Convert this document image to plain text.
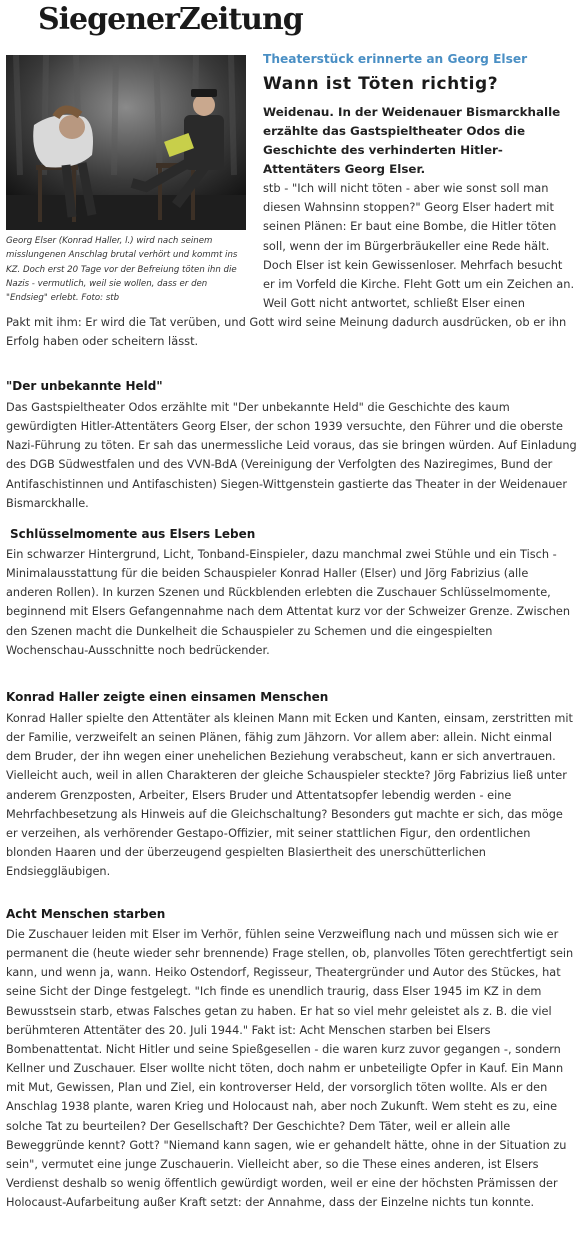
SiegenerZeitung
Georg Elser (Konrad Haller, l.) wird nach seinem misslungenen Anschlag brutal verhört und kommt ins KZ. Doch erst 20 Tage vor der Befreiung töten ihn die Nazis - vermutlich, weil sie wollen, dass er den "Endsieg" erlebt. Foto: stb
Theaterstück erinnerte an Georg Elser
Wann ist Töten richtig?
Weidenau. In der Weidenauer Bismarckhalle erzählte das Gastspieltheater Odos die Geschichte des verhinderten Hitler-Attentäters Georg Elser.
stb - "Ich will nicht töten - aber wie sonst soll man diesen Wahnsinn stoppen?" Georg Elser hadert mit seinen Plänen: Er baut eine Bombe, die Hitler töten soll, wenn der im Bürgerbräukeller eine Rede hält. Doch Elser ist kein Gewissenloser. Mehrfach besucht er im Vorfeld die Kirche. Fleht Gott um ein Zeichen an. Weil Gott nicht antwortet, schließt Elser einen
Pakt mit ihm: Er wird die Tat verüben, und Gott wird seine Meinung dadurch ausdrücken, ob er ihn Erfolg haben oder scheitern lässt.
"Der unbekannte Held"
Das Gastspieltheater Odos erzählte mit "Der unbekannte Held" die Geschichte des kaum gewürdigten Hitler-Attentäters Georg Elser, der schon 1939 versuchte, den Führer und die oberste Nazi-Führung zu töten. Er sah das unermessliche Leid voraus, das sie bringen würden. Auf Einladung des DGB Südwestfalen und des VVN-BdA (Vereinigung der Verfolgten des Naziregimes, Bund der Antifaschistinnen und Antifaschisten) Siegen-Wittgenstein gastierte das Theater in der Weidenauer Bismarckhalle.
Schlüsselmomente aus Elsers Leben
Ein schwarzer Hintergrund, Licht, Tonband-Einspieler, dazu manchmal zwei Stühle und ein Tisch - Minimalausstattung für die beiden Schauspieler Konrad Haller (Elser) und Jörg Fabrizius (alle anderen Rollen). In kurzen Szenen und Rückblenden erlebten die Zuschauer Schlüsselmomente, beginnend mit Elsers Gefangennahme nach dem Attentat kurz vor der Schweizer Grenze. Zwischen den Szenen macht die Dunkelheit die Schauspieler zu Schemen und die eingespielten Wochenschau-Ausschnitte noch bedrückender.
Konrad Haller zeigte einen einsamen Menschen
Konrad Haller spielte den Attentäter als kleinen Mann mit Ecken und Kanten, einsam, zerstritten mit der Familie, verzweifelt an seinen Plänen, fähig zum Jähzorn. Vor allem aber: allein. Nicht einmal dem Bruder, der ihn wegen einer unehelichen Beziehung verabscheut, kann er sich anvertrauen. Vielleicht auch, weil in allen Charakteren der gleiche Schauspieler steckte? Jörg Fabrizius ließ unter anderem Grenzposten, Arbeiter, Elsers Bruder und Attentatsopfer lebendig werden - eine Mehrfachbesetzung als Hinweis auf die Gleichschaltung? Besonders gut machte er sich, das möge er verzeihen, als verhörender Gestapo-Offizier, mit seiner stattlichen Figur, den ordentlichen blonden Haaren und der überzeugend gespielten Blasiertheit des unerschütterlichen Endsieggläubigen.
Acht Menschen starben
Die Zuschauer leiden mit Elser im Verhör, fühlen seine Verzweiflung nach und müssen sich wie er permanent die (heute wieder sehr brennende) Frage stellen, ob, planvolles Töten gerechtfertigt sein kann, und wenn ja, wann. Heiko Ostendorf, Regisseur, Theatergründer und Autor des Stückes, hat seine Sicht der Dinge festgelegt. "Ich finde es unendlich traurig, dass Elser 1945 im KZ in dem Bewusstsein starb, etwas Falsches getan zu haben. Er hat so viel mehr geleistet als z. B. die viel berühmteren Attentäter des 20. Juli 1944." Fakt ist: Acht Menschen starben bei Elsers Bombenattentat. Nicht Hitler und seine Spießgesellen - die waren kurz zuvor gegangen -, sondern Kellner und Zuschauer. Elser wollte nicht töten, doch nahm er unbeteiligte Opfer in Kauf. Ein Mann mit Mut, Gewissen, Plan und Ziel, ein kontroverser Held, der vorsorglich töten wollte. Als er den Anschlag 1938 plante, waren Krieg und Holocaust nah, aber noch Zukunft. Wem steht es zu, eine solche Tat zu beurteilen? Der Gesellschaft? Der Geschichte? Dem Täter, weil er allein alle Beweggründe kennt? Gott? "Niemand kann sagen, wie er gehandelt hätte, ohne in der Situation zu sein", vermutet eine junge Zuschauerin. Vielleicht aber, so die These eines anderen, ist Elsers Verdienst deshalb so wenig öffentlich gewürdigt worden, weil er eine der höchsten Prämissen der Holocaust-Aufarbeitung außer Kraft setzt: der Annahme, dass der Einzelne nichts tun konnte.
